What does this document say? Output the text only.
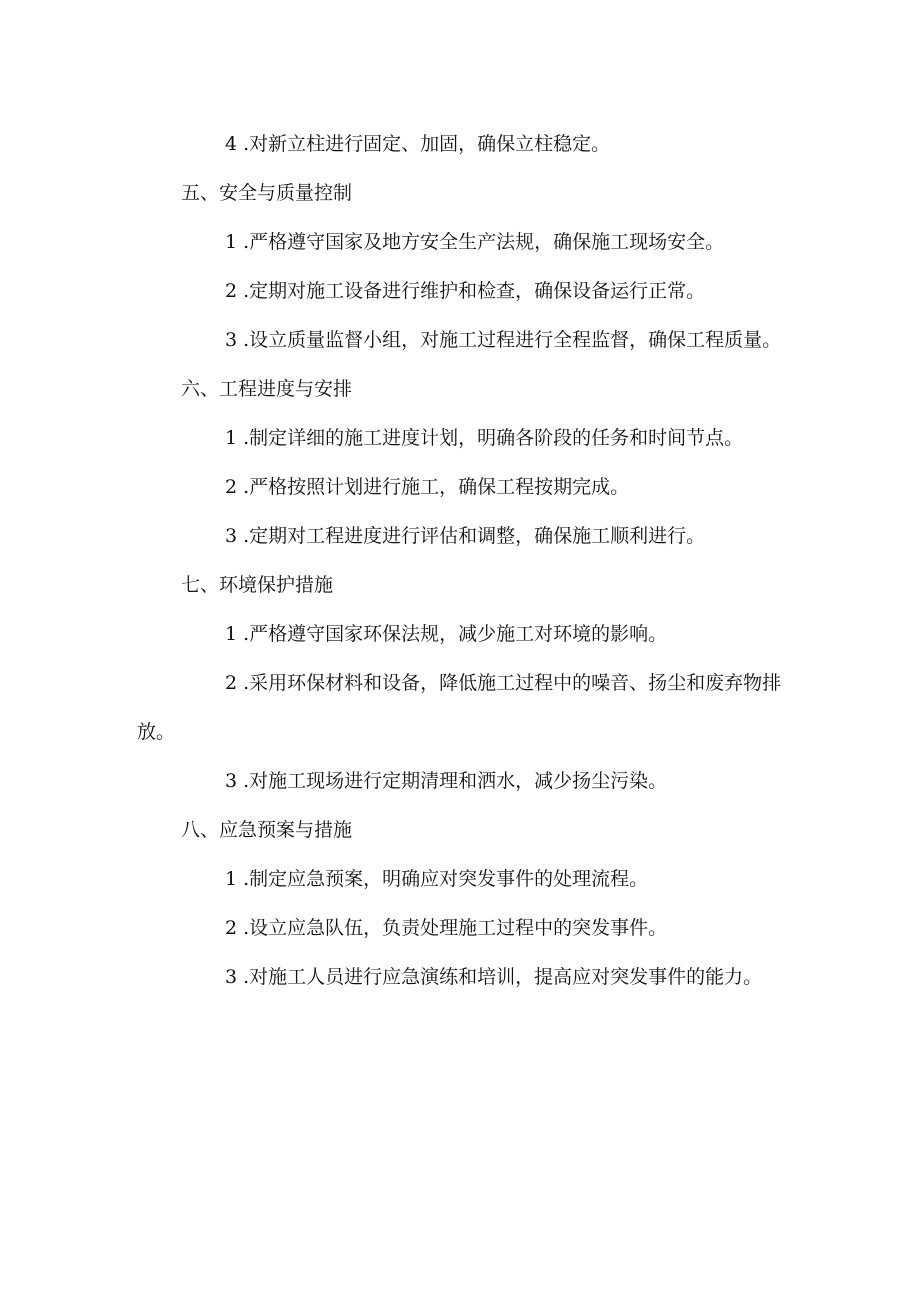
4 .对新立柱进行固定、加固，确保立柱稳定。

五、安全与质量控制

1 .严格遵守国家及地方安全生产法规，确保施工现场安全。

2 .定期对施工设备进行维护和检查，确保设备运行正常。

3 .设立质量监督小组，对施工过程进行全程监督，确保工程质量。

六、工程进度与安排

1 .制定详细的施工进度计划，明确各阶段的任务和时间节点。

2 .严格按照计划进行施工，确保工程按期完成。

3 .定期对工程进度进行评估和调整，确保施工顺利进行。

七、环境保护措施

1 .严格遵守国家环保法规，减少施工对环境的影响。

2 .采用环保材料和设备，降低施工过程中的噪音、扬尘和废弃物排放。

3 .对施工现场进行定期清理和洒水，减少扬尘污染。

八、应急预案与措施

1 .制定应急预案，明确应对突发事件的处理流程。

2 .设立应急队伍，负责处理施工过程中的突发事件。

3 .对施工人员进行应急演练和培训，提高应对突发事件的能力。
